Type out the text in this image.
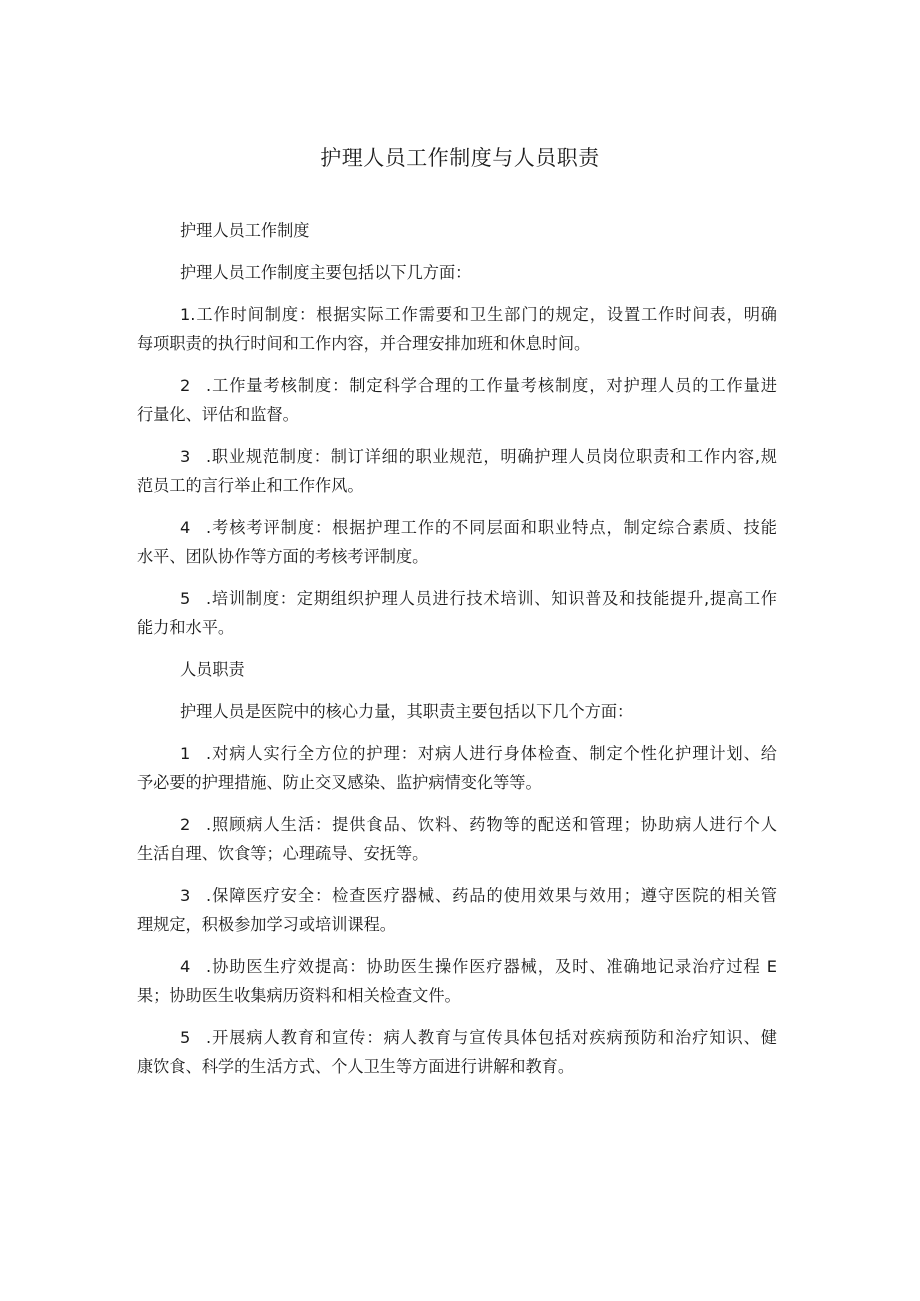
护理人员工作制度与人员职责
护理人员工作制度
护理人员工作制度主要包括以下几方面：
1.工作时间制度：根据实际工作需要和卫生部门的规定，设置工作时间表，明确
每项职责的执行时间和工作内容，并合理安排加班和休息时间。
2 .工作量考核制度：制定科学合理的工作量考核制度，对护理人员的工作量进
行量化、评估和监督。
3 .职业规范制度：制订详细的职业规范，明确护理人员岗位职责和工作内容,规
范员工的言行举止和工作作风。
4 .考核考评制度：根据护理工作的不同层面和职业特点，制定综合素质、技能
水平、团队协作等方面的考核考评制度。
5 .培训制度：定期组织护理人员进行技术培训、知识普及和技能提升,提高工作
能力和水平。
人员职责
护理人员是医院中的核心力量，其职责主要包括以下几个方面：
1 .对病人实行全方位的护理：对病人进行身体检查、制定个性化护理计划、给
予必要的护理措施、防止交叉感染、监护病情变化等等。
2 .照顾病人生活：提供食品、饮料、药物等的配送和管理；协助病人进行个人
生活自理、饮食等；心理疏导、安抚等。
3 .保障医疗安全：检查医疗器械、药品的使用效果与效用；遵守医院的相关管
理规定，积极参加学习或培训课程。
4 .协助医生疗效提高：协助医生操作医疗器械，及时、准确地记录治疗过程 E
果；协助医生收集病历资料和相关检查文件。
5 .开展病人教育和宣传：病人教育与宣传具体包括对疾病预防和治疗知识、健
康饮食、科学的生活方式、个人卫生等方面进行讲解和教育。
